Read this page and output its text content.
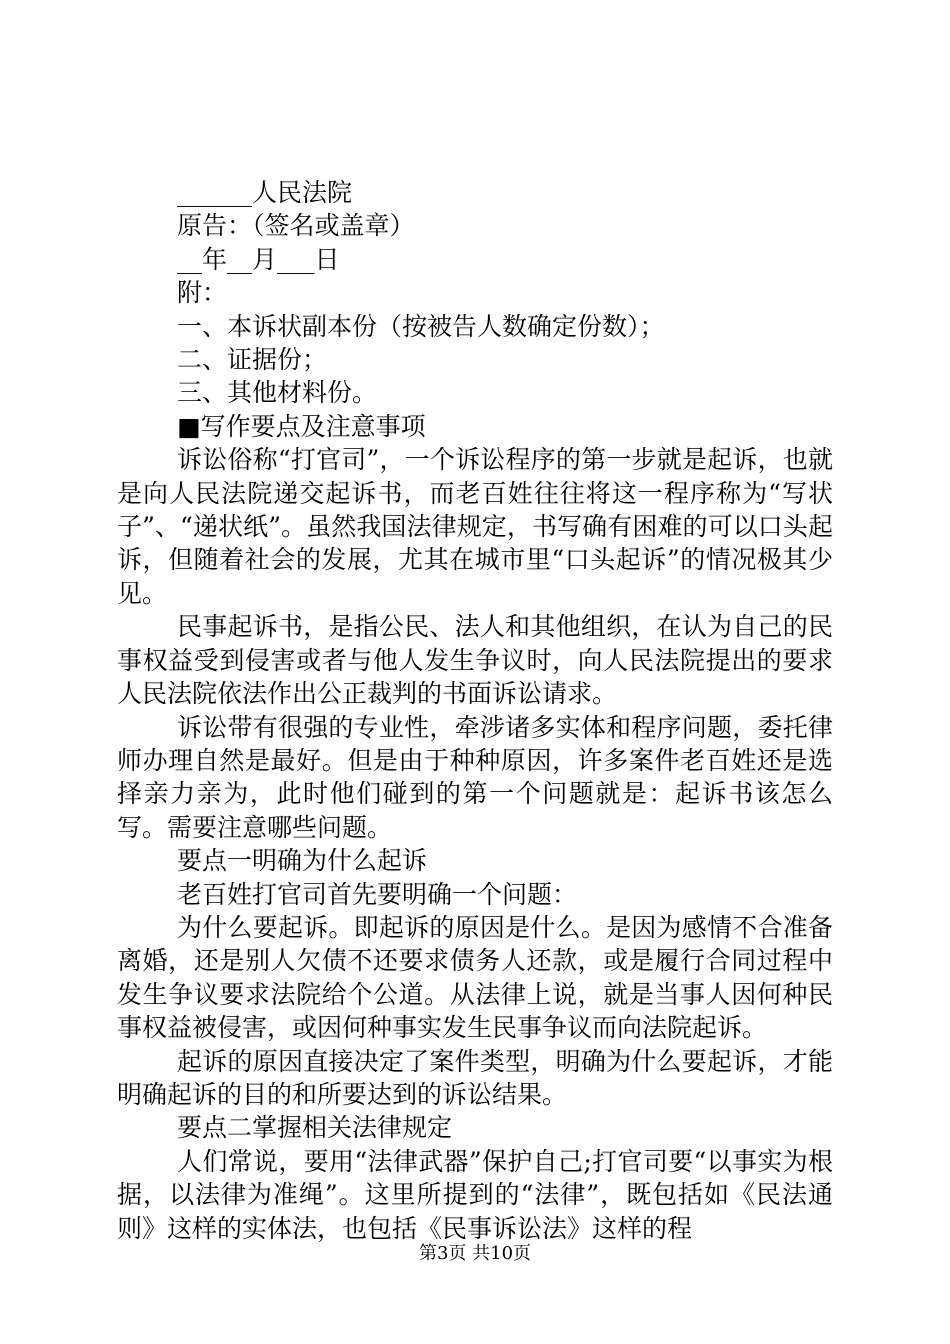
______人民法院

原告：（签名或盖章）

__年__月___日

附：

一、本诉状副本份（按被告人数确定份数）；

二、证据份；

三、其他材料份。

■写作要点及注意事项

诉讼俗称“打官司”，一个诉讼程序的第一步就是起诉，也就是向人民法院递交起诉书，而老百姓往往将这一程序称为“写状子”、“递状纸”。虽然我国法律规定，书写确有困难的可以口头起诉，但随着社会的发展，尤其在城市里“口头起诉”的情况极其少见。

民事起诉书，是指公民、法人和其他组织，在认为自己的民事权益受到侵害或者与他人发生争议时，向人民法院提出的要求人民法院依法作出公正裁判的书面诉讼请求。

诉讼带有很强的专业性，牵涉诸多实体和程序问题，委托律师办理自然是最好。但是由于种种原因，许多案件老百姓还是选择亲力亲为，此时他们碰到的第一个问题就是：起诉书该怎么写。需要注意哪些问题。

要点一明确为什么起诉

老百姓打官司首先要明确一个问题：

为什么要起诉。即起诉的原因是什么。是因为感情不合准备离婚，还是别人欠债不还要求债务人还款，或是履行合同过程中发生争议要求法院给个公道。从法律上说，就是当事人因何种民事权益被侵害，或因何种事实发生民事争议而向法院起诉。

起诉的原因直接决定了案件类型，明确为什么要起诉，才能明确起诉的目的和所要达到的诉讼结果。

要点二掌握相关法律规定

人们常说，要用“法律武器”保护自己;打官司要“以事实为根据，以法律为准绳”。这里所提到的“法律”，既包括如《民法通则》这样的实体法，也包括《民事诉讼法》这样的程

第3页 共10页
